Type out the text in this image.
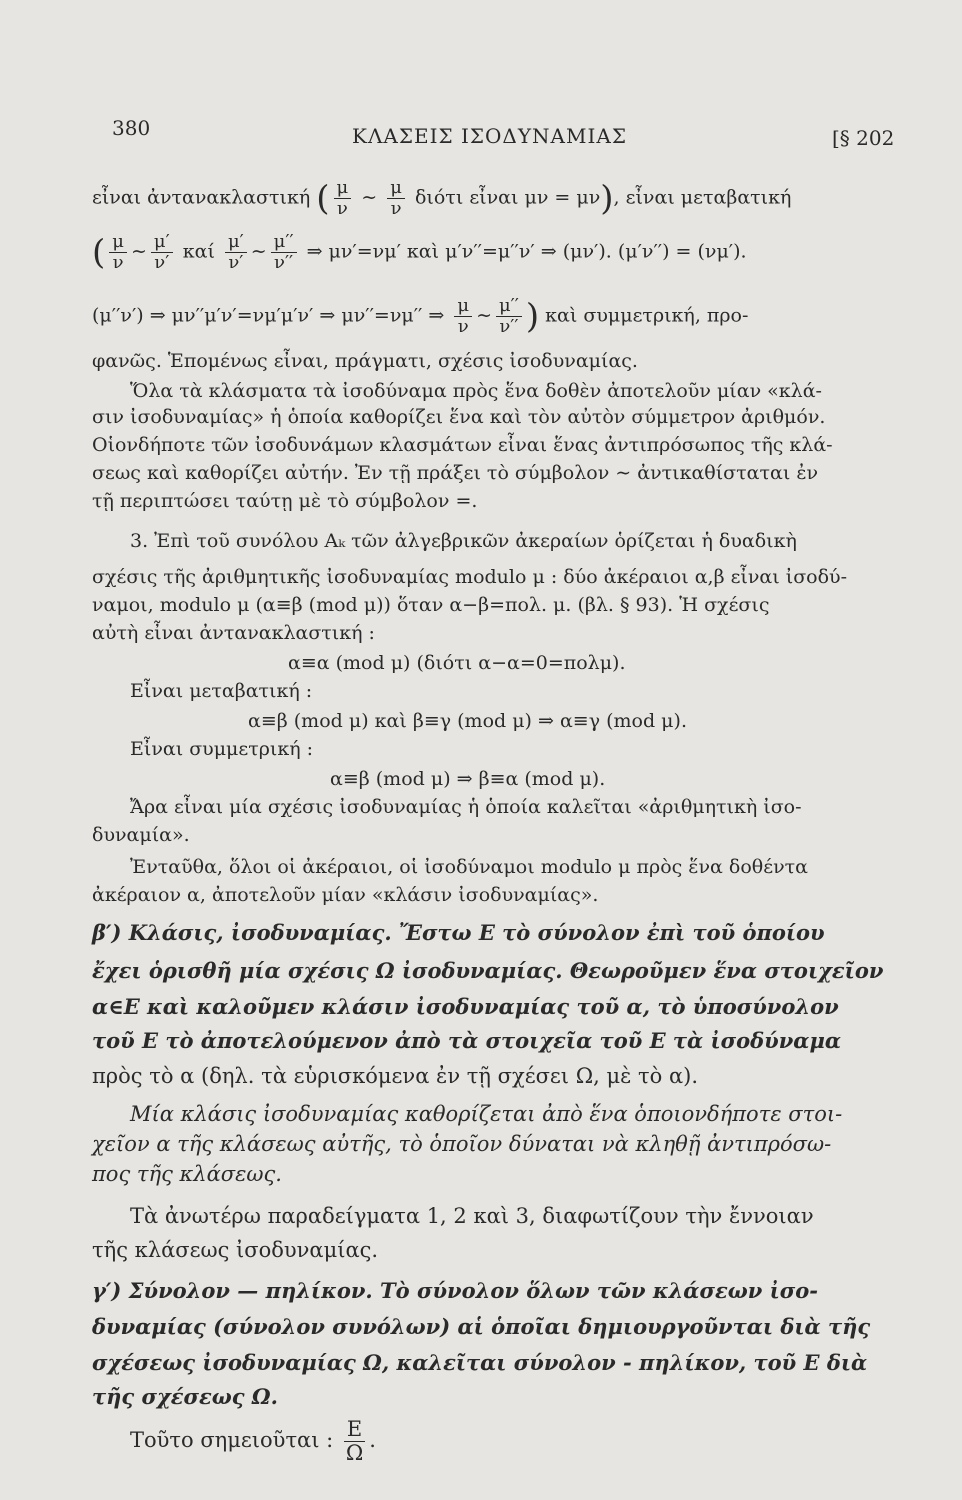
380	ΚΛΑΣΕΙΣ ΙΣΟΔΥΝΑΜΙΑΣ	[§ 202
εἶναι ἀντανακλαστική ( $\frac{\mu}{\nu}$ ∼ $\frac{\mu}{\nu}$ διότι εἶναι μν = μν), εἶναι μεταβατική
( $\frac{\mu}{\nu}$ ∼ $\frac{\mu'}{\nu'}$ καί $\frac{\mu'}{\nu'}$ ∼ $\frac{\mu''}{\nu''}$ ⇒ μν′=νμ′ καὶ μ′ν′′=μ′′ν′ ⇒ (μν′). (μ′ν′′) = (νμ′).
(μ′′ν′) ⇒ μν′′μ′ν′=νμ′μ′ν′ ⇒ μν′′=νμ′′ ⇒ $\frac{\mu}{\nu}$ ∼ $\frac{\mu''}{\nu''}$ ) καὶ συμμετρική, προ-
φανῶς. Ἑπομένως εἶναι, πράγματι, σχέσις ἰσοδυναμίας.
Ὅλα τὰ κλάσματα τὰ ἰσοδύναμα πρὸς ἕνα δοθὲν ἀποτελοῦν μίαν «κλά-
σιν ἰσοδυναμίας» ἡ ὁποία καθορίζει ἕνα καὶ τὸν αὐτὸν σύμμετρον ἀριθμόν.
Οἱονδήποτε τῶν ἰσοδυνάμων κλασμάτων εἶναι ἕνας ἀντιπρόσωπος τῆς κλά-
σεως καὶ καθορίζει αὐτήν. Ἐν τῇ πράξει τὸ σύμβολον ∼ ἀντικαθίσταται ἐν
τῇ περιπτώσει ταύτῃ μὲ τὸ σύμβολον =.
3. Ἐπὶ τοῦ συνόλου Aₖ τῶν ἀλγεβρικῶν ἀκεραίων ὁρίζεται ἡ δυαδικὴ
σχέσις τῆς ἀριθμητικῆς ἰσοδυναμίας modulo μ : δύο ἀκέραιοι α,β εἶναι ἰσοδύ-
ναμοι, modulo μ (α≡β (mod μ)) ὅταν α−β=πολ. μ. (βλ. § 93). Ἡ σχέσις
αὐτὴ εἶναι ἀντανακλαστική :
α≡α (mod μ) (διότι α−α=0=πολμ).
Εἶναι μεταβατική :
α≡β (mod μ) καὶ β≡γ (mod μ) ⇒ α≡γ (mod μ).
Εἶναι συμμετρική :
α≡β (mod μ) ⇒ β≡α (mod μ).
Ἄρα εἶναι μία σχέσις ἰσοδυναμίας ἡ ὁποία καλεῖται «ἀριθμητικὴ ἰσο-
δυναμία».
Ἐνταῦθα, ὅλοι οἱ ἀκέραιοι, οἱ ἰσοδύναμοι modulo μ πρὸς ἕνα δοθέντα
ἀκέραιον α, ἀποτελοῦν μίαν «κλάσιν ἰσοδυναμίας».
β′) Κλάσις, ἰσοδυναμίας. Ἔστω E τὸ σύνολον ἐπὶ τοῦ ὁποίου
ἔχει ὁρισθῆ μία σχέσις Ω ἰσοδυναμίας. Θεωροῦμεν ἕνα στοιχεῖον
α∈E καὶ καλοῦμεν κλάσιν ἰσοδυναμίας τοῦ α, τὸ ὑποσύνολον
τοῦ E τὸ ἀποτελούμενον ἀπὸ τὰ στοιχεῖα τοῦ E τὰ ἰσοδύναμα
πρὸς τὸ α (δηλ. τὰ εὑρισκόμενα ἐν τῇ σχέσει Ω, μὲ τὸ α).
Μία κλάσις ἰσοδυναμίας καθορίζεται ἀπὸ ἕνα ὁποιονδήποτε στοι-
χεῖον α τῆς κλάσεως αὐτῆς, τὸ ὁποῖον δύναται νὰ κληθῇ ἀντιπρόσω-
πος τῆς κλάσεως.
Τὰ ἀνωτέρω παραδείγματα 1, 2 καὶ 3, διαφωτίζουν τὴν ἔννοιαν
τῆς κλάσεως ἰσοδυναμίας.
γ′) Σύνολον — πηλίκον. Τὸ σύνολον ὅλων τῶν κλάσεων ἰσο-
δυναμίας (σύνολον συνόλων) αἱ ὁποῖαι δημιουργοῦνται διὰ τῆς
σχέσεως ἰσοδυναμίας Ω, καλεῖται σύνολον - πηλίκον, τοῦ E διὰ
τῆς σχέσεως Ω.
Τοῦτο σημειοῦται : $\frac{E}{\Omega}$ .
